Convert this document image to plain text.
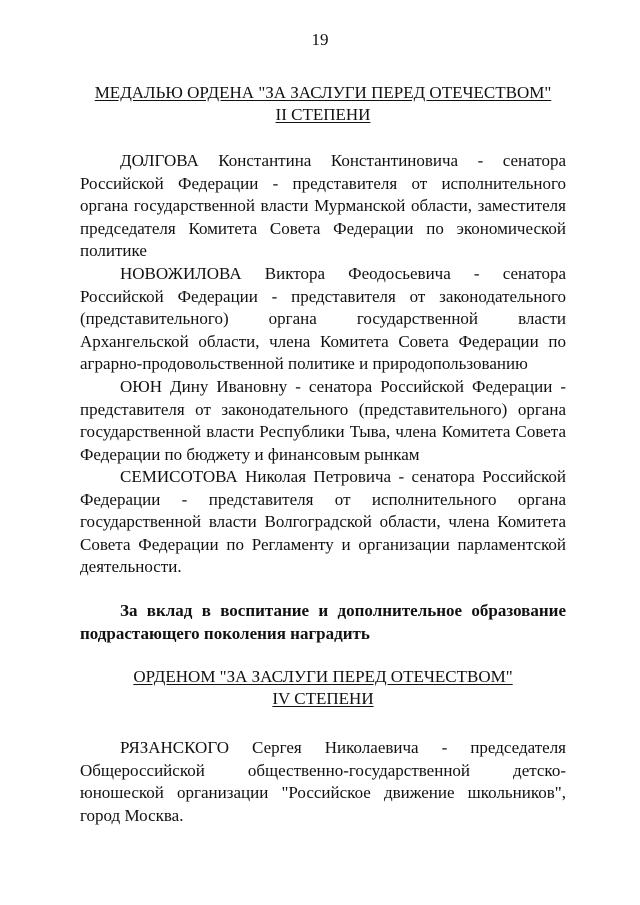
19
МЕДАЛЬЮ ОРДЕНА "ЗА ЗАСЛУГИ ПЕРЕД ОТЕЧЕСТВОМ"
II СТЕПЕНИ

ДОЛГОВА Константина Константиновича - сенатора Российской Федерации - представителя от исполнительного органа государственной власти Мурманской области, заместителя председателя Комитета Совета Федерации по экономической политике

НОВОЖИЛОВА Виктора Феодосьевича - сенатора Российской Федерации - представителя от законодательного (представительного) органа государственной власти Архангельской области, члена Комитета Совета Федерации по аграрно-продовольственной политике и природопользованию

ОЮН Дину Ивановну - сенатора Российской Федерации - представителя от законодательного (представительного) органа государственной власти Республики Тыва, члена Комитета Совета Федерации по бюджету и финансовым рынкам

СЕМИСОТОВА Николая Петровича - сенатора Российской Федерации - представителя от исполнительного органа государственной власти Волгоградской области, члена Комитета Совета Федерации по Регламенту и организации парламентской деятельности.

За вклад в воспитание и дополнительное образование подрастающего поколения наградить

ОРДЕНОМ "ЗА ЗАСЛУГИ ПЕРЕД ОТЕЧЕСТВОМ"
IV СТЕПЕНИ

РЯЗАНСКОГО Сергея Николаевича - председателя Общероссийской общественно-государственной детско-юношеской организации "Российское движение школьников", город Москва.
